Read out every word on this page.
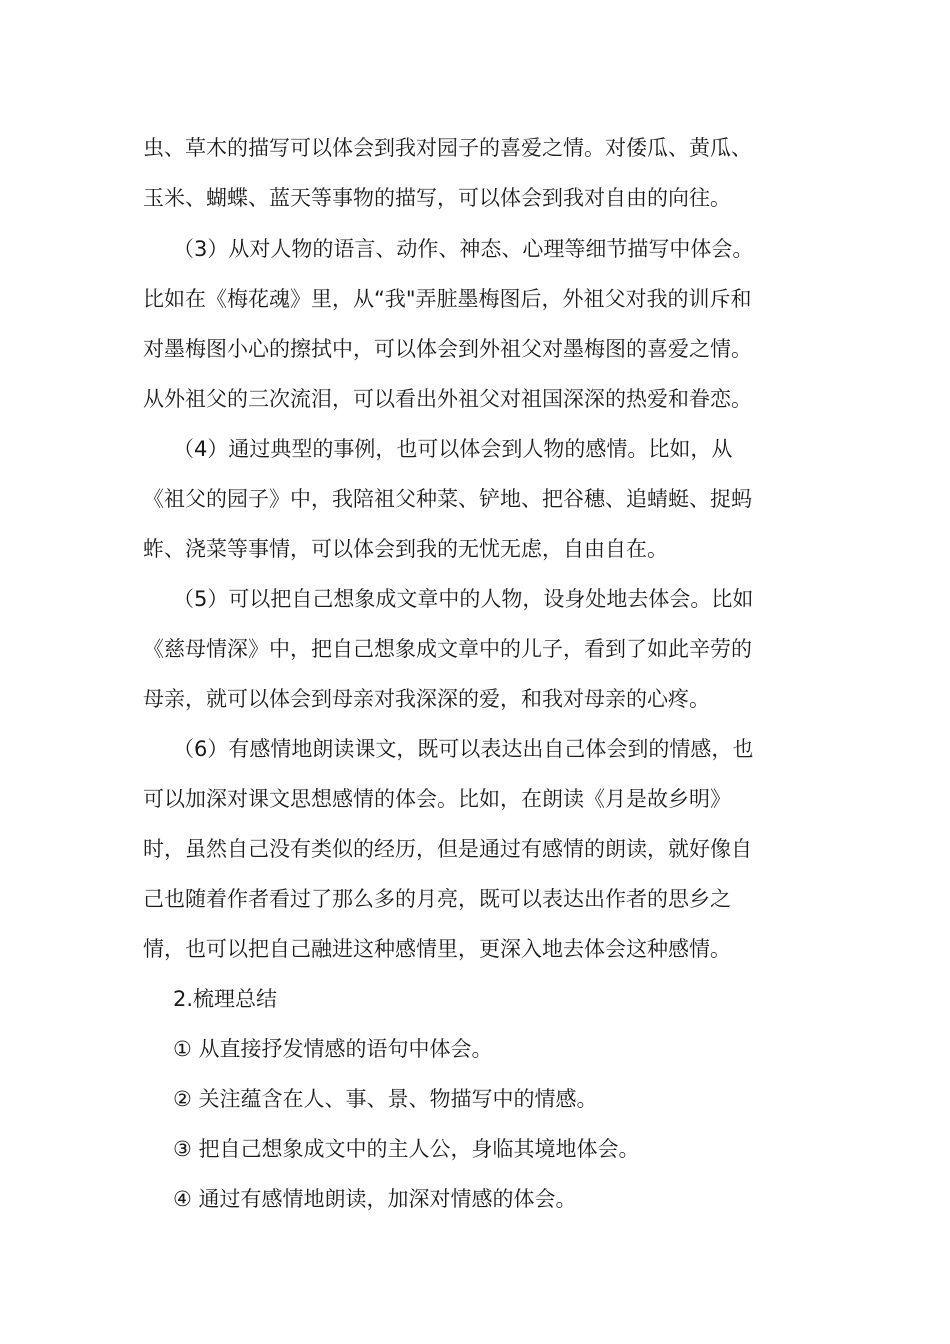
虫、草木的描写可以体会到我对园子的喜爱之情。对倭瓜、黄瓜、
玉米、蝴蝶、蓝天等事物的描写，可以体会到我对自由的向往。
（3）从对人物的语言、动作、神态、心理等细节描写中体会。
比如在《梅花魂》里，从“我"弄脏墨梅图后，外祖父对我的训斥和
对墨梅图小心的擦拭中，可以体会到外祖父对墨梅图的喜爱之情。
从外祖父的三次流泪，可以看出外祖父对祖国深深的热爱和眷恋。
（4）通过典型的事例，也可以体会到人物的感情。比如，从
《祖父的园子》中，我陪祖父种菜、铲地、把谷穗、追蜻蜓、捉蚂
蚱、浇菜等事情，可以体会到我的无忧无虑，自由自在。
（5）可以把自己想象成文章中的人物，设身处地去体会。比如
《慈母情深》中，把自己想象成文章中的儿子，看到了如此辛劳的
母亲，就可以体会到母亲对我深深的爱，和我对母亲的心疼。
（6）有感情地朗读课文，既可以表达出自己体会到的情感，也
可以加深对课文思想感情的体会。比如，在朗读《月是故乡明》
时，虽然自己没有类似的经历，但是通过有感情的朗读，就好像自
己也随着作者看过了那么多的月亮，既可以表达出作者的思乡之
情，也可以把自己融进这种感情里，更深入地去体会这种感情。
2.梳理总结
① 从直接抒发情感的语句中体会。
② 关注蕴含在人、事、景、物描写中的情感。
③ 把自己想象成文中的主人公，身临其境地体会。
④ 通过有感情地朗读，加深对情感的体会。
